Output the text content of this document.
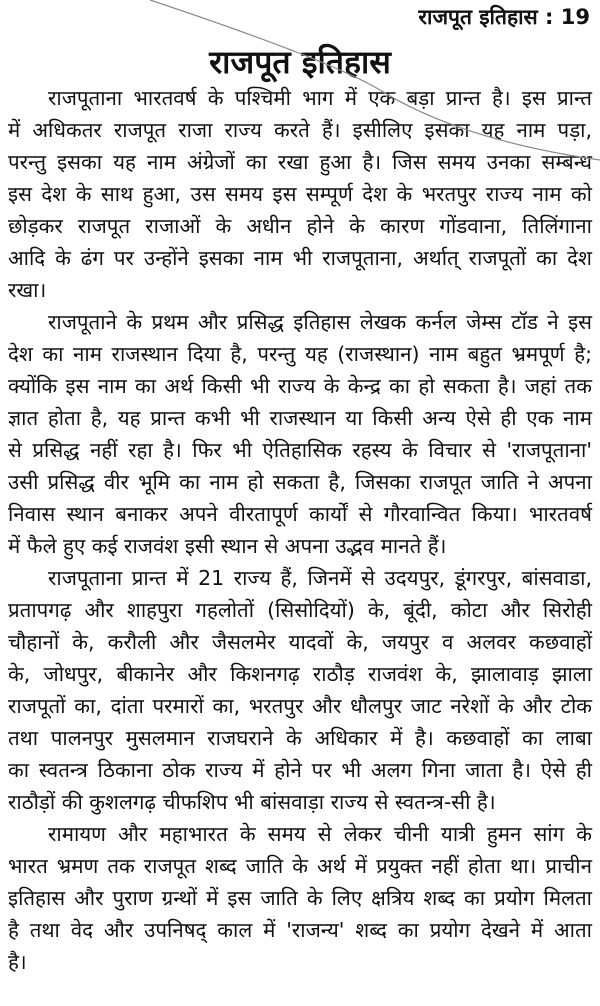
राजपूत इतिहास : 19
राजपूत इतिहास
राजपूताना भारतवर्ष के पश्चिमी भाग में एक बड़ा प्रान्त है। इस प्रान्त
में अधिकतर राजपूत राजा राज्य करते हैं। इसीलिए इसका यह नाम पड़ा,
परन्तु इसका यह नाम अंग्रेजों का रखा हुआ है। जिस समय उनका सम्बन्ध
इस देश के साथ हुआ, उस समय इस सम्पूर्ण देश के भरतपुर राज्य नाम को
छोड़कर राजपूत राजाओं के अधीन होने के कारण गोंडवाना, तिलिंगाना
आदि के ढंग पर उन्होंने इसका नाम भी राजपूताना, अर्थात् राजपूतों का देश
रखा।
राजपूताने के प्रथम और प्रसिद्ध इतिहास लेखक कर्नल जेम्स टॉड ने इस
देश का नाम राजस्थान दिया है, परन्तु यह (राजस्थान) नाम बहुत भ्रमपूर्ण है;
क्योंकि इस नाम का अर्थ किसी भी राज्य के केन्द्र का हो सकता है। जहां तक
ज्ञात होता है, यह प्रान्त कभी भी राजस्थान या किसी अन्य ऐसे ही एक नाम
से प्रसिद्ध नहीं रहा है। फिर भी ऐतिहासिक रहस्य के विचार से 'राजपूताना'
उसी प्रसिद्ध वीर भूमि का नाम हो सकता है, जिसका राजपूत जाति ने अपना
निवास स्थान बनाकर अपने वीरतापूर्ण कार्यों से गौरवान्वित किया। भारतवर्ष
में फैले हुए कई राजवंश इसी स्थान से अपना उद्भव मानते हैं।
राजपूताना प्रान्त में 21 राज्य हैं, जिनमें से उदयपुर, डूंगरपुर, बांसवाडा,
प्रतापगढ़ और शाहपुरा गहलोतों (सिसोदियों) के, बूंदी, कोटा और सिरोही
चौहानों के, करौली और जैसलमेर यादवों के, जयपुर व अलवर कछवाहों
के, जोधपुर, बीकानेर और किशनगढ़ राठौड़ राजवंश के, झालावाड़ झाला
राजपूतों का, दांता परमारों का, भरतपुर और धौलपुर जाट नरेशों के और टोक
तथा पालनपुर मुसलमान राजघराने के अधिकार में है। कछवाहों का लाबा
का स्वतन्त्र ठिकाना ठोक राज्य में होने पर भी अलग गिना जाता है। ऐसे ही
राठौड़ों की कुशलगढ़ चीफशिप भी बांसवाड़ा राज्य से स्वतन्त्र-सी है।
रामायण और महाभारत के समय से लेकर चीनी यात्री हुमन सांग के
भारत भ्रमण तक राजपूत शब्द जाति के अर्थ में प्रयुक्त नहीं होता था। प्राचीन
इतिहास और पुराण ग्रन्थों में इस जाति के लिए क्षत्रिय शब्द का प्रयोग मिलता
है तथा वेद और उपनिषद् काल में 'राजन्य' शब्द का प्रयोग देखने में आता
है।
